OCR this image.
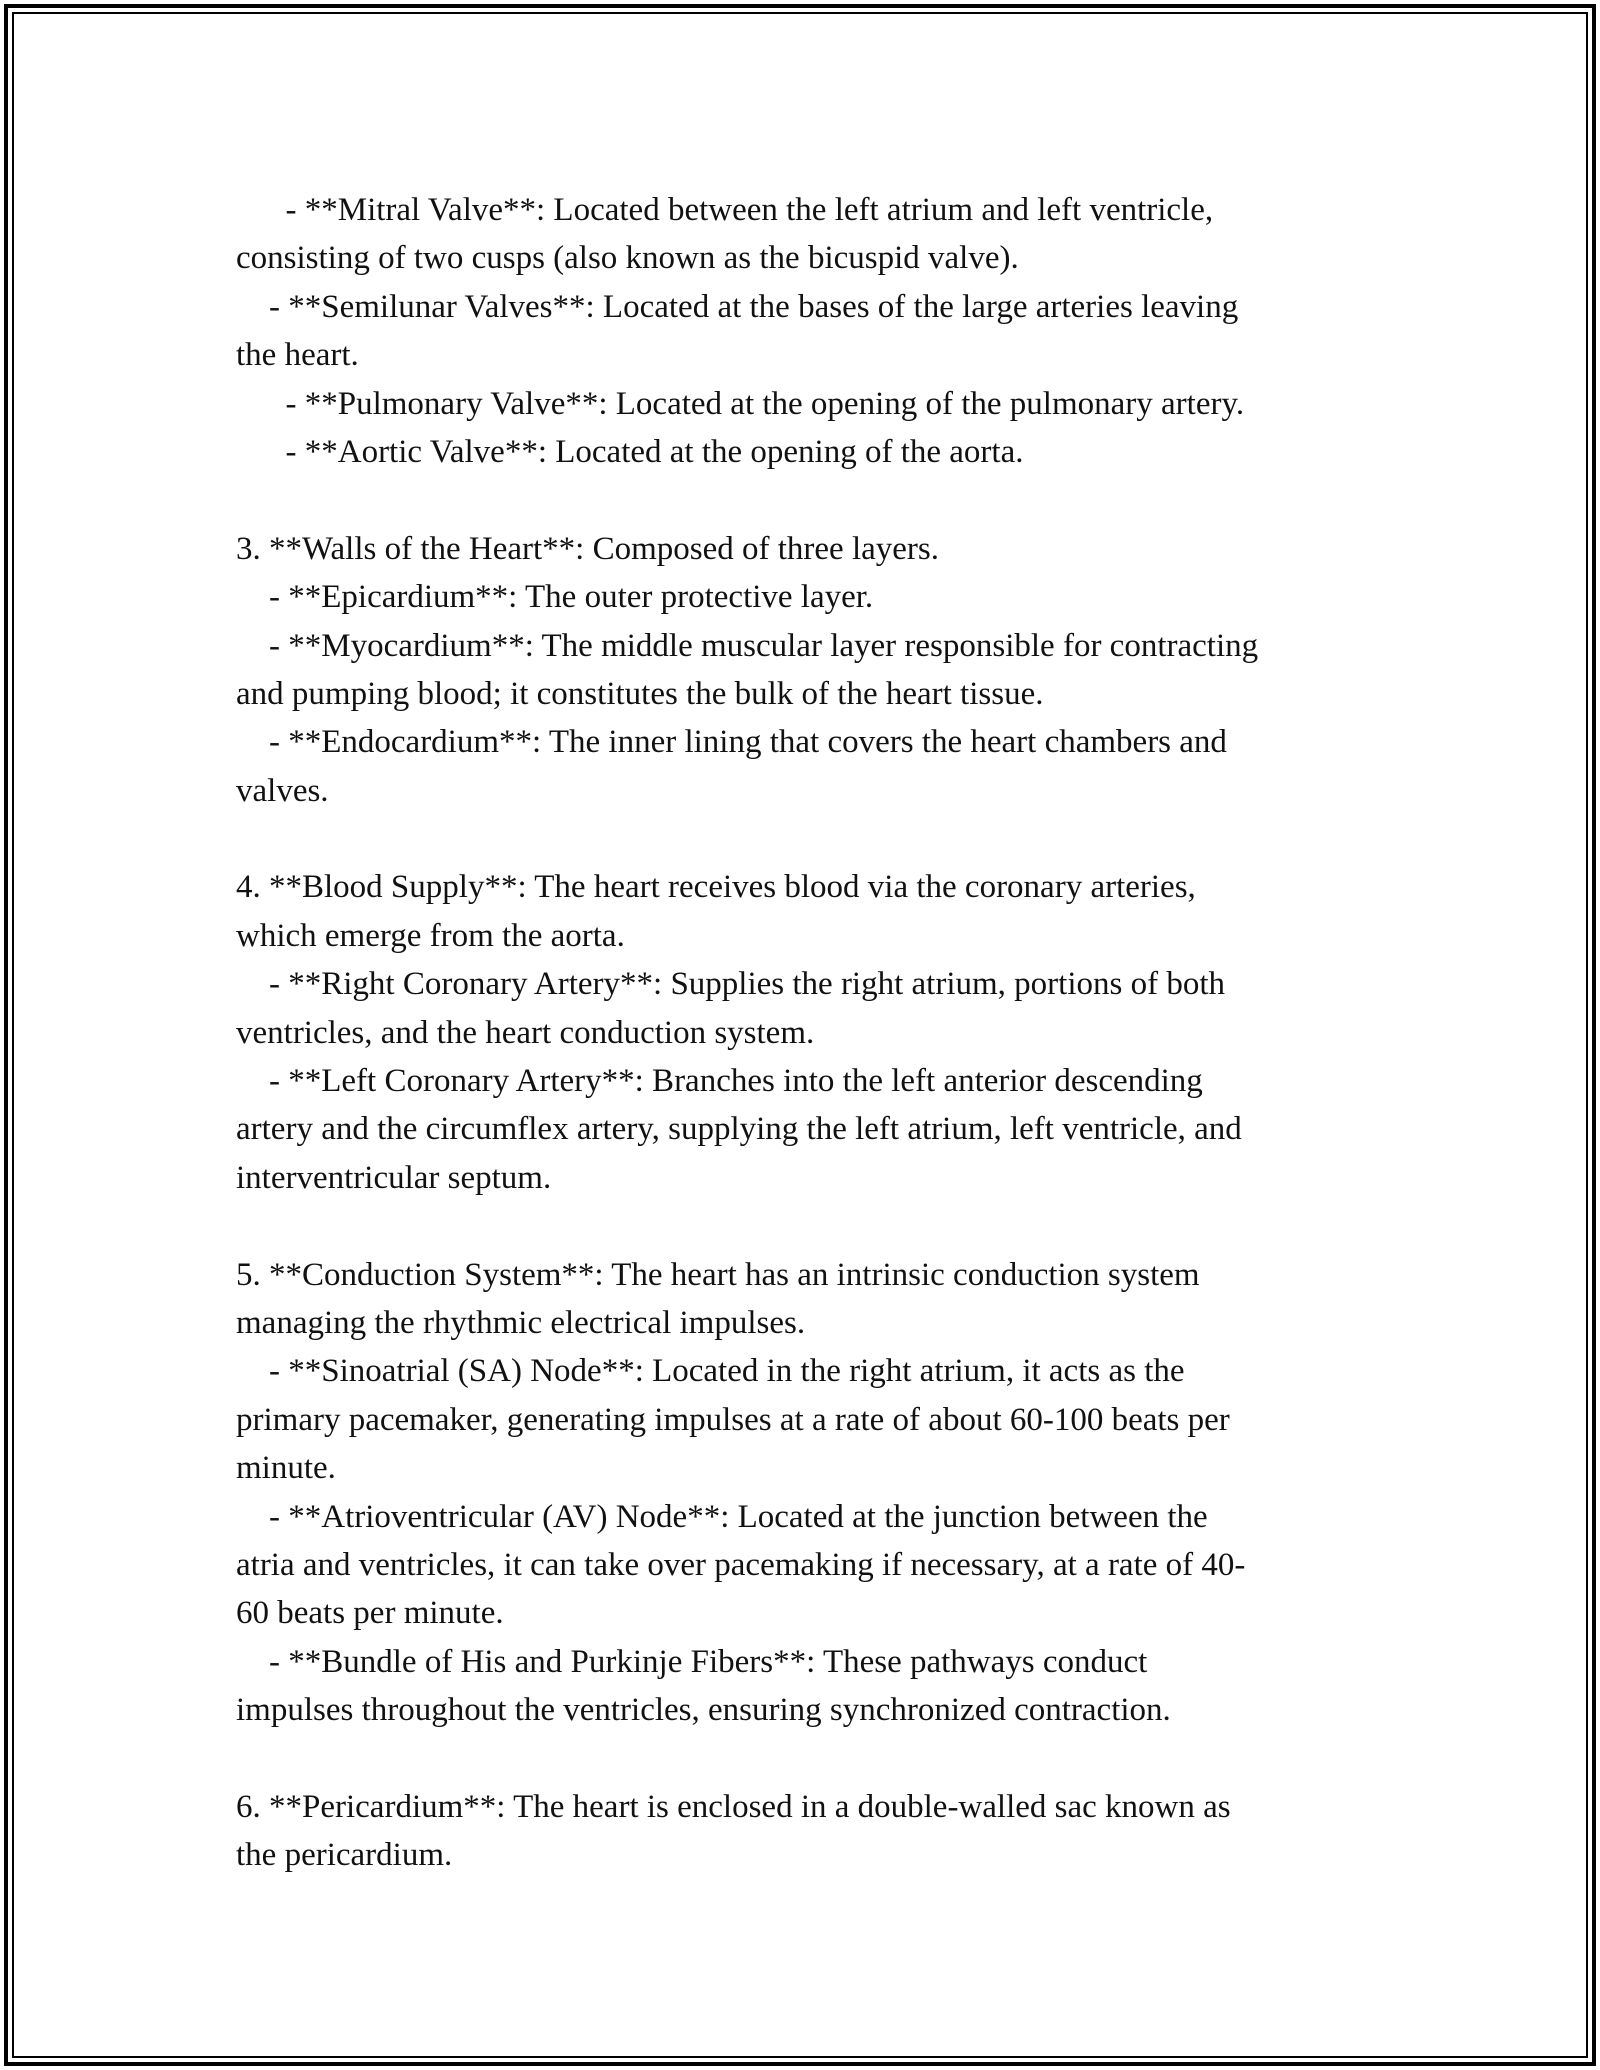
- **Mitral Valve**: Located between the left atrium and left ventricle,

consisting of two cusps (also known as the bicuspid valve).

- **Semilunar Valves**: Located at the bases of the large arteries leaving

the heart.

- **Pulmonary Valve**: Located at the opening of the pulmonary artery.

- **Aortic Valve**: Located at the opening of the aorta.

3. **Walls of the Heart**: Composed of three layers.

- **Epicardium**: The outer protective layer.

- **Myocardium**: The middle muscular layer responsible for contracting

and pumping blood; it constitutes the bulk of the heart tissue.

- **Endocardium**: The inner lining that covers the heart chambers and

valves.

4. **Blood Supply**: The heart receives blood via the coronary arteries,

which emerge from the aorta.

- **Right Coronary Artery**: Supplies the right atrium, portions of both

ventricles, and the heart conduction system.

- **Left Coronary Artery**: Branches into the left anterior descending

artery and the circumflex artery, supplying the left atrium, left ventricle, and

interventricular septum.

5. **Conduction System**: The heart has an intrinsic conduction system

managing the rhythmic electrical impulses.

- **Sinoatrial (SA) Node**: Located in the right atrium, it acts as the

primary pacemaker, generating impulses at a rate of about 60-100 beats per

minute.

- **Atrioventricular (AV) Node**: Located at the junction between the

atria and ventricles, it can take over pacemaking if necessary, at a rate of 40-

60 beats per minute.

- **Bundle of His and Purkinje Fibers**: These pathways conduct

impulses throughout the ventricles, ensuring synchronized contraction.

6. **Pericardium**: The heart is enclosed in a double-walled sac known as

the pericardium.
